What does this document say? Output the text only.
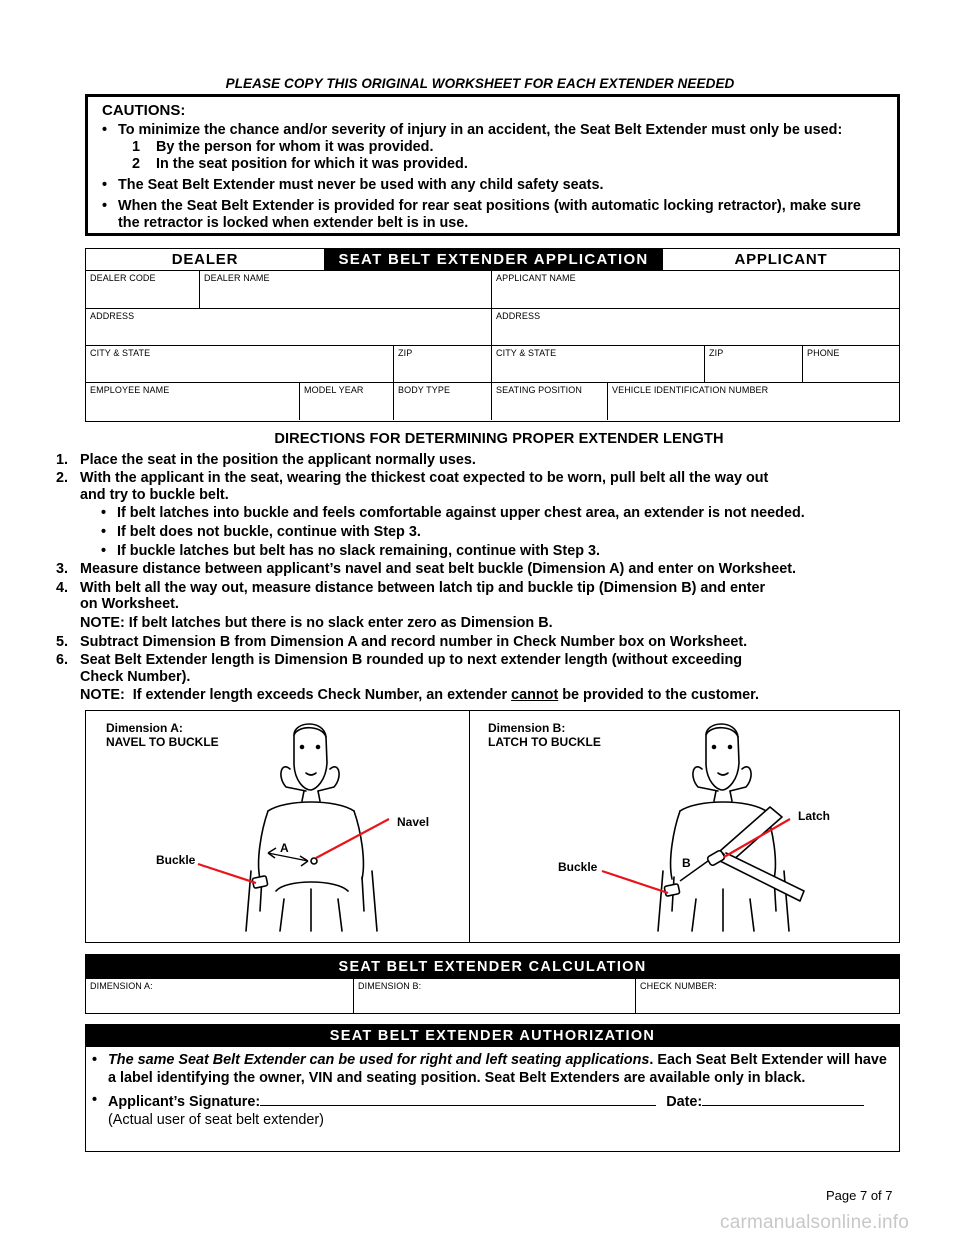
PLEASE COPY THIS ORIGINAL WORKSHEET FOR EACH EXTENDER NEEDED
CAUTIONS:
• To minimize the chance and/or severity of injury in an accident, the Seat Belt Extender must only be used:
1    By the person for whom it was provided.
2    In the seat position for which it was provided.
• The Seat Belt Extender must never be used with any child safety seats.
• When the Seat Belt Extender is provided for rear seat positions (with automatic locking retractor), make sure the retractor is locked when extender belt is in use.
DEALER	SEAT BELT EXTENDER APPLICATION	APPLICANT
DEALER CODE	DEALER NAME	APPLICANT NAME
ADDRESS	ADDRESS
CITY & STATE	ZIP	CITY & STATE	ZIP	PHONE
EMPLOYEE NAME	MODEL YEAR	BODY TYPE	SEATING POSITION	VEHICLE IDENTIFICATION NUMBER
DIRECTIONS FOR DETERMINING PROPER EXTENDER LENGTH
1. Place the seat in the position the applicant normally uses.
2. With the applicant in the seat, wearing the thickest coat expected to be worn, pull belt all the way out
and try to buckle belt.
• If belt latches into buckle and feels comfortable against upper chest area, an extender is not needed.
• If belt does not buckle, continue with Step 3.
• If buckle latches but belt has no slack remaining, continue with Step 3.
3. Measure distance between applicant’s navel and seat belt buckle (Dimension A) and enter on Worksheet.
4. With belt all the way out, measure distance between latch tip and buckle tip (Dimension B) and enter
on Worksheet.
NOTE: If belt latches but there is no slack enter zero as Dimension B.
5. Subtract Dimension B from Dimension A and record number in Check Number box on Worksheet.
6. Seat Belt Extender length is Dimension B rounded up to next extender length (without exceeding
Check Number).
NOTE:  If extender length exceeds Check Number, an extender cannot be provided to the customer.
Dimension A:
NAVEL TO BUCKLE
A
Buckle
Navel
Dimension B:
LATCH TO BUCKLE
B
Buckle
Latch
SEAT BELT EXTENDER CALCULATION
DIMENSION A:	DIMENSION B:	CHECK NUMBER:
SEAT BELT EXTENDER AUTHORIZATION
• The same Seat Belt Extender can be used for right and left seating applications. Each Seat Belt Extender will have a label identifying the owner, VIN and seating position. Seat Belt Extenders are available only in black.
• Applicant’s Signature:	Date:
(Actual user of seat belt extender)
Page 7 of 7
carmanualsonline.info
